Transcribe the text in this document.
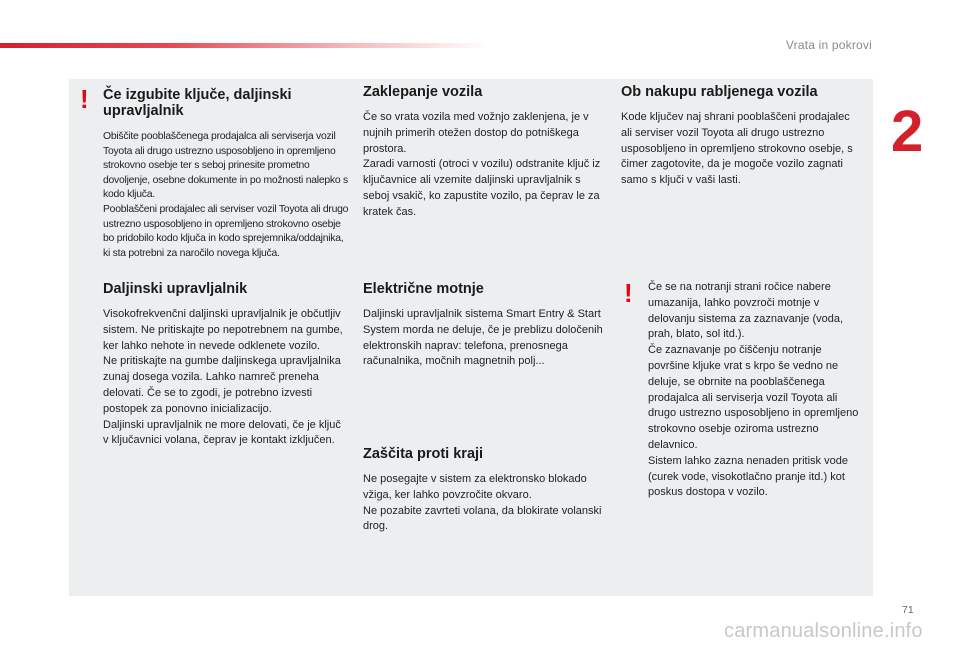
Vrata in pokrovi
2
! Če izgubite ključe, daljinski upravljalnik

Obiščite pooblaščenega prodajalca ali serviserja vozil Toyota ali drugo ustrezno usposobljeno in opremljeno strokovno osebje ter s seboj prinesite prometno dovoljenje, osebne dokumente in po možnosti nalepko s kodo ključa.
Pooblaščeni prodajalec ali serviser vozil Toyota ali drugo ustrezno usposobljeno in opremljeno strokovno osebje bo pridobilo kodo ključa in kodo sprejemnika/oddajnika, ki sta potrebni za naročilo novega ključa.

Daljinski upravljalnik

Visokofrekvenčni daljinski upravljalnik je občutljiv sistem. Ne pritiskajte po nepotrebnem na gumbe, ker lahko nehote in nevede odklenete vozilo.
Ne pritiskajte na gumbe daljinskega upravljalnika zunaj dosega vozila. Lahko namreč preneha delovati. Če se to zgodi, je potrebno izvesti postopek za ponovno inicializacijo.
Daljinski upravljalnik ne more delovati, če je ključ v ključavnici volana, čeprav je kontakt izključen.

Zaklepanje vozila

Če so vrata vozila med vožnjo zaklenjena, je v nujnih primerih otežen dostop do potniškega prostora.
Zaradi varnosti (otroci v vozilu) odstranite ključ iz ključavnice ali vzemite daljinski upravljalnik s seboj vsakič, ko zapustite vozilo, pa čeprav le za kratek čas.

Električne motnje

Daljinski upravljalnik sistema Smart Entry & Start System morda ne deluje, če je preblizu določenih elektronskih naprav: telefona, prenosnega računalnika, močnih magnetnih polj...

Zaščita proti kraji

Ne posegajte v sistem za elektronsko blokado vžiga, ker lahko povzročite okvaro.
Ne pozabite zavrteti volana, da blokirate volanski drog.

Ob nakupu rabljenega vozila

Kode ključev naj shrani pooblaščeni prodajalec ali serviser vozil Toyota ali drugo ustrezno usposobljeno in opremljeno strokovno osebje, s čimer zagotovite, da je mogoče vozilo zagnati samo s ključi v vaši lasti.

! Če se na notranji strani ročice nabere umazanija, lahko povzroči motnje v delovanju sistema za zaznavanje (voda, prah, blato, sol itd.).
Če zaznavanje po čiščenju notranje površine kljuke vrat s krpo še vedno ne deluje, se obrnite na pooblaščenega prodajalca ali serviserja vozil Toyota ali drugo ustrezno usposobljeno in opremljeno strokovno osebje oziroma ustrezno delavnico.
Sistem lahko zazna nenaden pritisk vode (curek vode, visokotlačno pranje itd.) kot poskus dostopa v vozilo.

71
carmanualsonline.info
